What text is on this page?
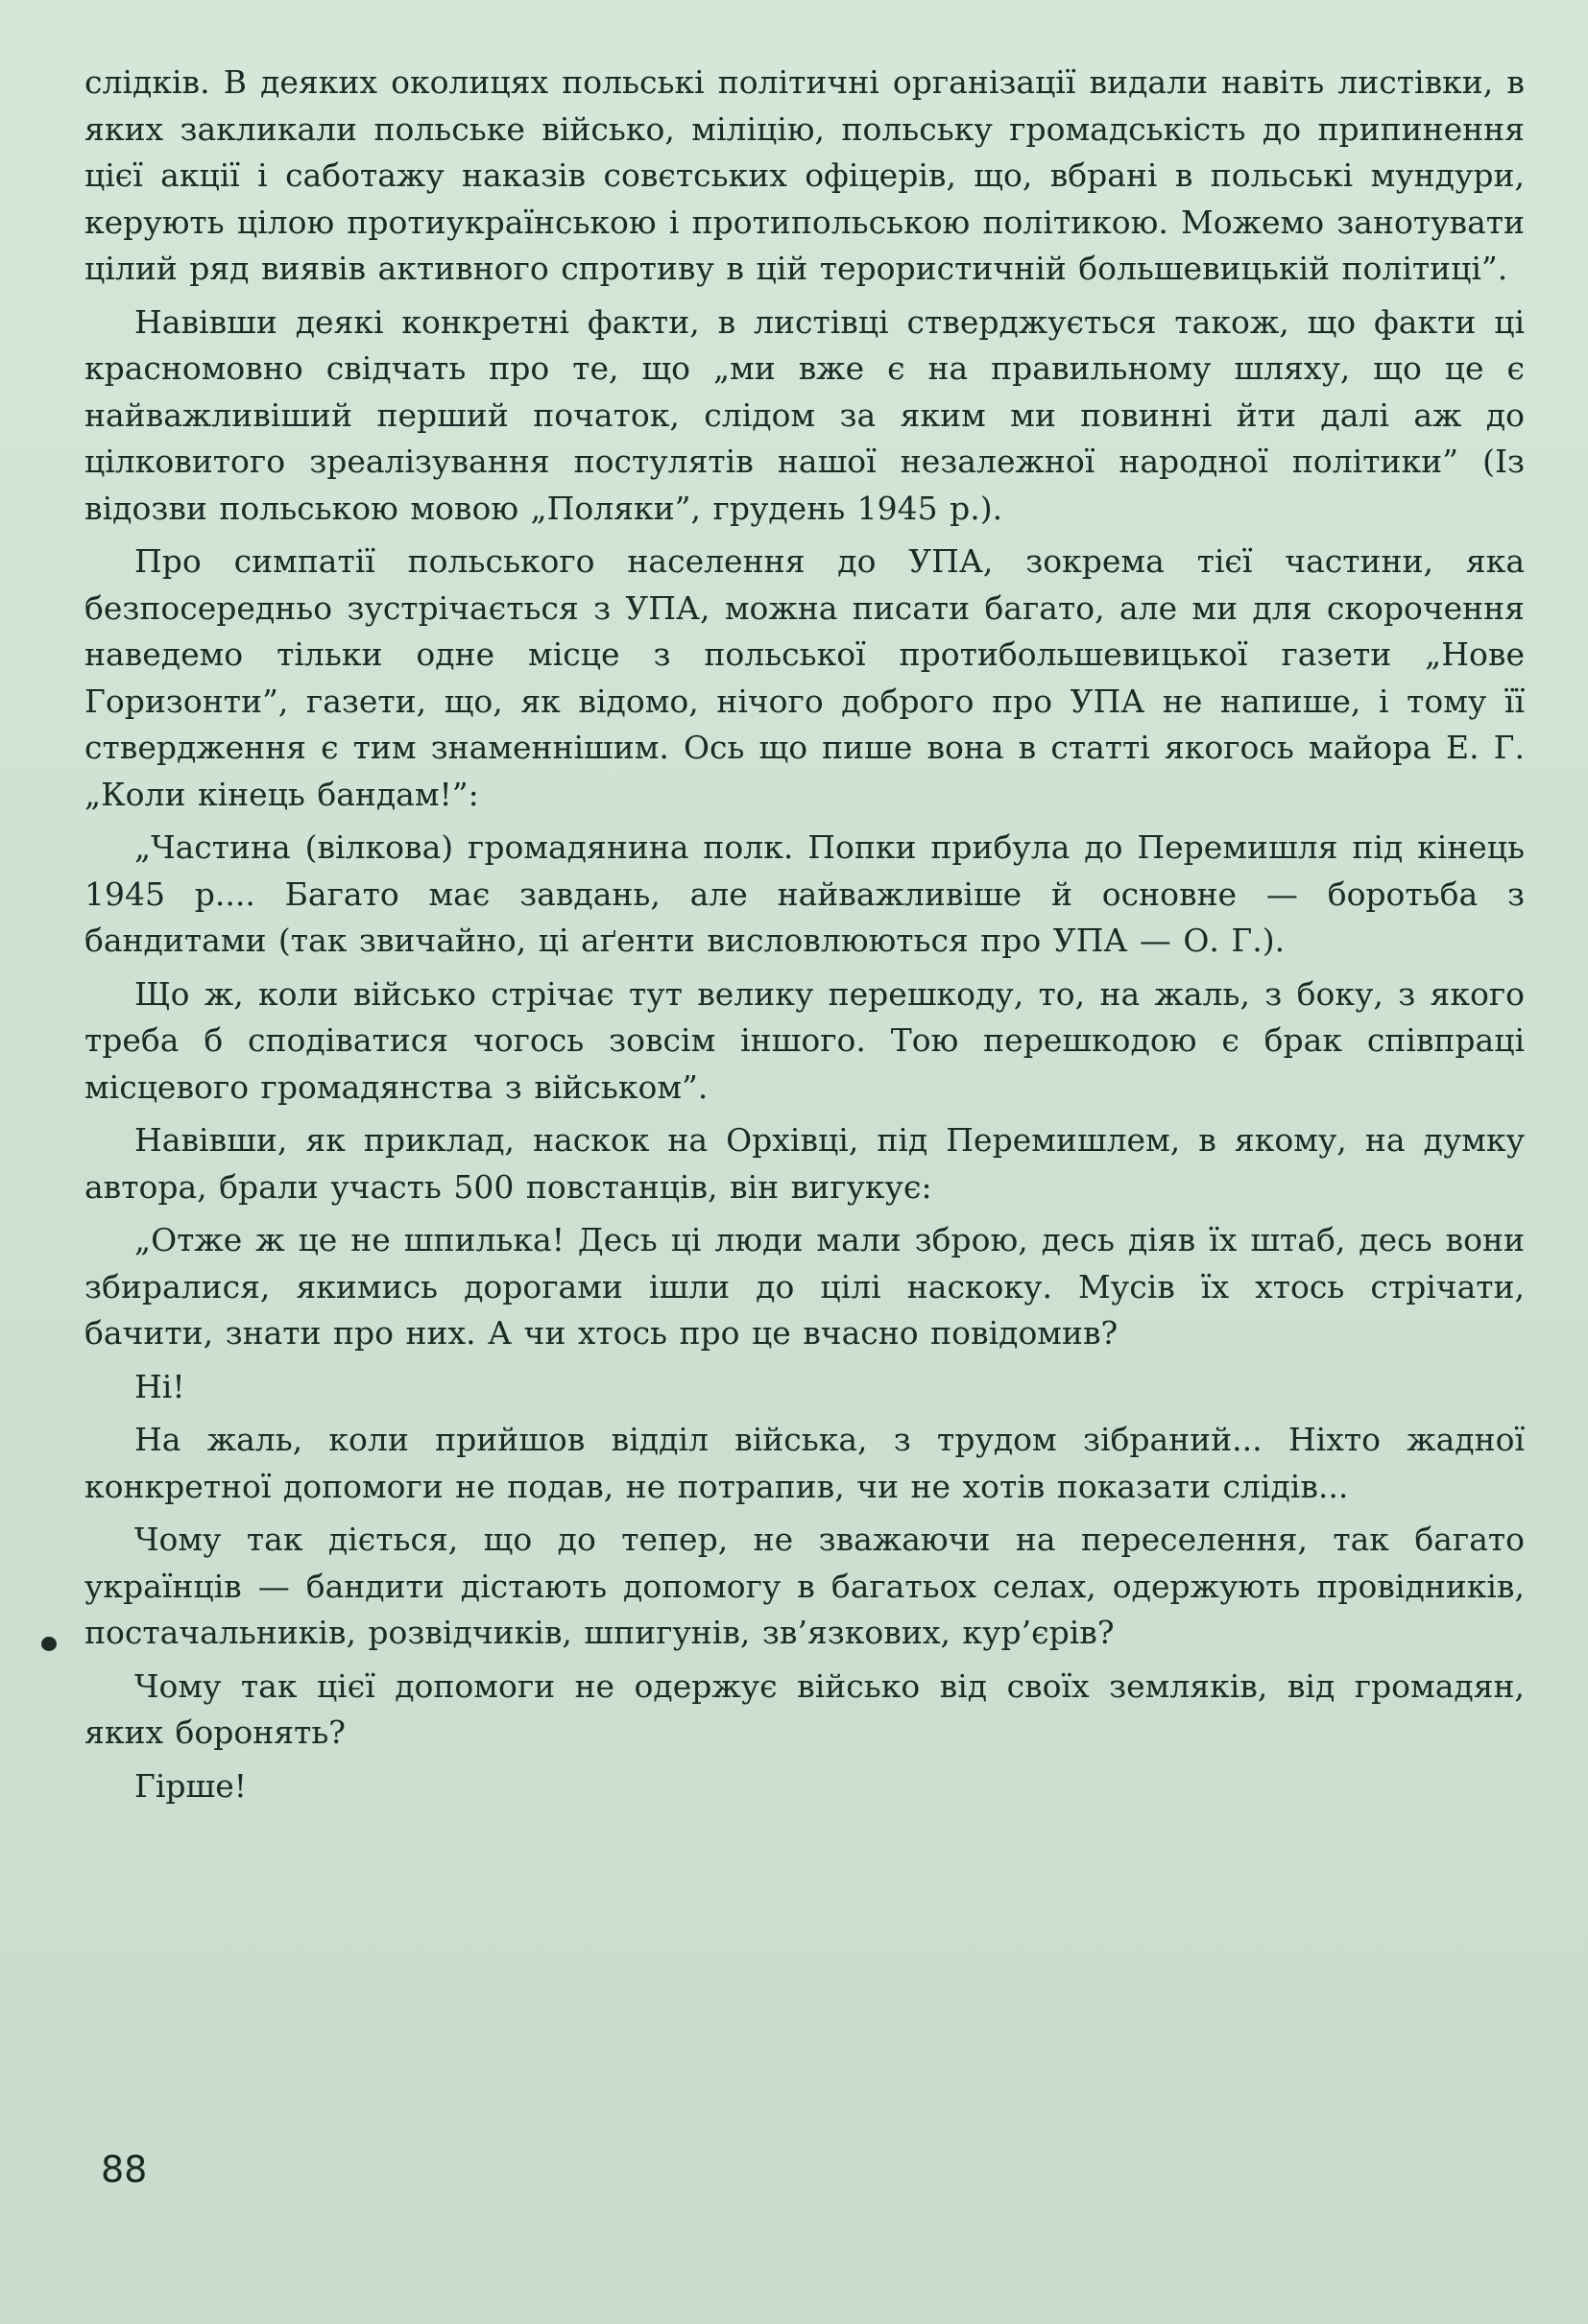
слідків. В деяких околицях польські політичні організації видали навіть листівки, в яких закликали польське військо, міліцію, польську громадськість до припинення цієї акції і саботажу наказів совєтських офіцерів, що, вбрані в польські мундури, керують цілою протиукраїнською і протипольською політикою. Можемо занотувати цілий ряд виявів активного спротиву в цій терористичній большевицькій політиці”.

Навівши деякі конкретні факти, в листівці стверджується також, що факти ці красномовно свідчать про те, що „ми вже є на правильному шляху, що це є найважливіший перший початок, слідом за яким ми повинні йти далі аж до цілковитого зреалізування постулятів нашої незалежної народної політики” (Із відозви польською мовою „Поляки”, грудень 1945 р.).

Про симпатії польського населення до УПА, зокрема тієї частини, яка безпосередньо зустрічається з УПА, можна писати багато, але ми для скорочення наведемо тільки одне місце з польської протибольшевицької газети „Нове Горизонти”, газети, що, як відомо, нічого доброго про УПА не напише, і тому її ствердження є тим знаменнішим. Ось що пише вона в статті якогось майора Е. Г. „Коли кінець бандам!”:

„Частина (вілкова) громадянина полк. Попки прибула до Перемишля під кінець 1945 р.... Багато має завдань, але найважливіше й основне — боротьба з бандитами (так звичайно, ці аґенти висловлюються про УПА — О. Г.).

Що ж, коли військо стрічає тут велику перешкоду, то, на жаль, з боку, з якого треба б сподіватися чогось зовсім іншого. Тою перешкодою є брак співпраці місцевого громадянства з військом”.

Навівши, як приклад, наскок на Орхівці, під Перемишлем, в якому, на думку автора, брали участь 500 повстанців, він вигукує:

„Отже ж це не шпилька! Десь ці люди мали зброю, десь діяв їх штаб, десь вони збиралися, якимись дорогами ішли до цілі наскоку. Мусів їх хтось стрічати, бачити, знати про них. А чи хтось про це вчасно повідомив?

Ні!

На жаль, коли прийшов відділ війська, з трудом зібраний... Ніхто жадної конкретної допомоги не подав, не потрапив, чи не хотів показати слідів...

Чому так діється, що до тепер, не зважаючи на переселення, так багато українців — бандити дістають допомогу в багатьох селах, одержують провідників, постачальників, розвідчиків, шпигунів, зв’язкових, кур’єрів?

Чому так цієї допомоги не одержує військо від своїх земляків, від громадян, яких боронять?

Гірше!

88
